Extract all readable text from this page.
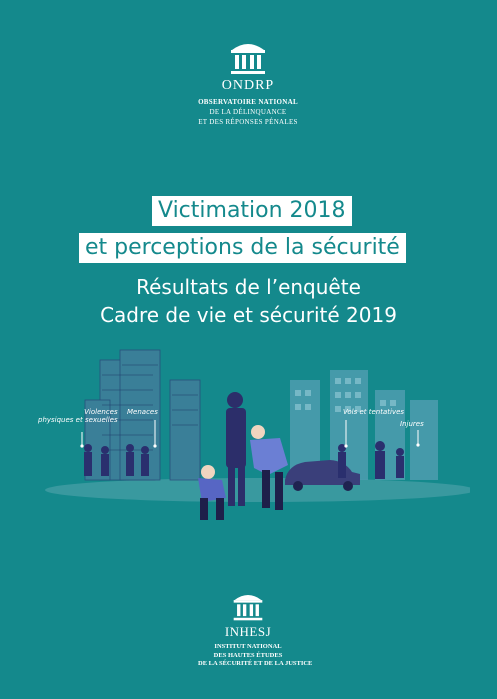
ONDRP
OBSERVATOIRE NATIONAL
DE LA DÉLINQUANCE
ET DES RÉPONSES PÉNALES
Victimation 2018
et perceptions de la sécurité
Résultats de l’enquête
Cadre de vie et sécurité 2019
Violences
physiques et sexuelles
Menaces	Vols et tentatives
Injures
INHESJ
INSTITUT NATIONAL
DES HAUTES ÉTUDES
DE LA SÉCURITÉ ET DE LA JUSTICE
